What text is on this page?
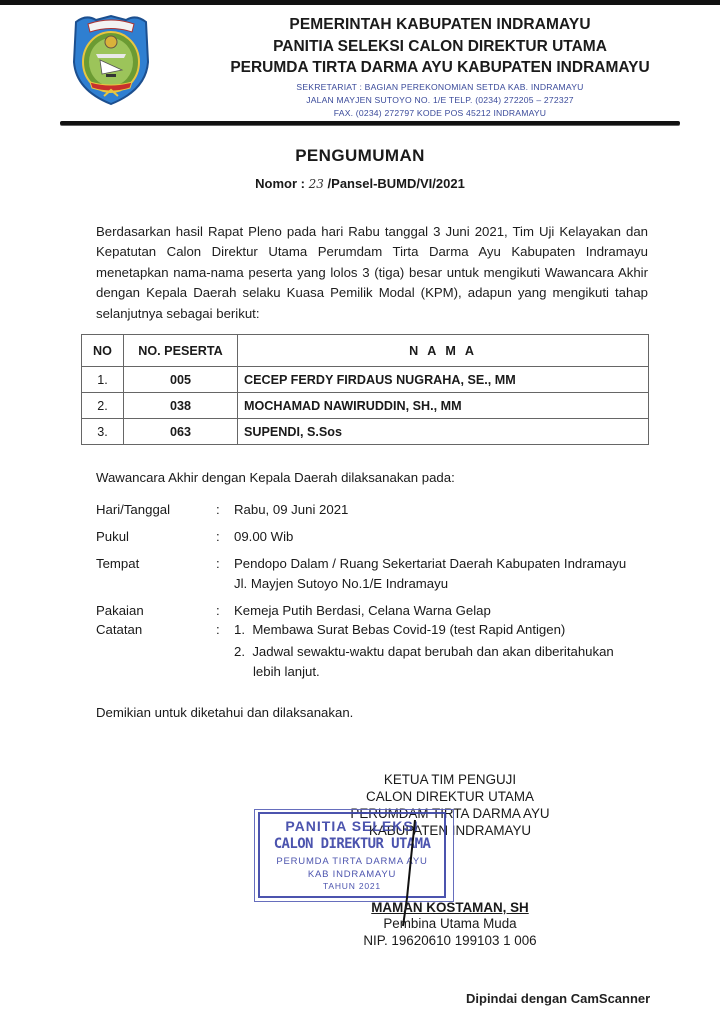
PEMERINTAH KABUPATEN INDRAMAYU
PANITIA SELEKSI CALON DIREKTUR UTAMA
PERUMDA TIRTA DARMA AYU KABUPATEN INDRAMAYU
SEKRETARIAT : BAGIAN PEREKONOMIAN SETDA KAB. INDRAMAYU
JALAN MAYJEN SUTOYO NO. 1/E TELP. (0234) 272205 – 272327
FAX. (0234) 272797 KODE POS 45212 INDRAMAYU
PENGUMUMAN
Nomor : 23 /Pansel-BUMD/VI/2021

Berdasarkan hasil Rapat Pleno pada hari Rabu tanggal 3 Juni 2021, Tim Uji Kelayakan dan Kepatutan Calon Direktur Utama Perumdam Tirta Darma Ayu Kabupaten Indramayu menetapkan nama-nama peserta yang lolos 3 (tiga) besar untuk mengikuti Wawancara Akhir dengan Kepala Daerah selaku Kuasa Pemilik Modal (KPM), adapun yang mengikuti tahap selanjutnya sebagai berikut:

NO	NO. PESERTA	N A M A
1.	005	CECEP FERDY FIRDAUS NUGRAHA, SE., MM
2.	038	MOCHAMAD NAWIRUDDIN, SH., MM
3.	063	SUPENDI, S.Sos
Wawancara Akhir dengan Kepala Daerah dilaksanakan pada:
Hari/Tanggal	: Rabu, 09 Juni 2021
Pukul	: 09.00 Wib
Tempat	: Pendopo Dalam / Ruang Sekertariat Daerah Kabupaten Indramayu
Jl. Mayjen Sutoyo No.1/E Indramayu
Pakaian	: Kemeja Putih Berdasi, Celana Warna Gelap
Catatan	: 1.  Membawa Surat Bebas Covid-19 (test Rapid Antigen)
2.  Jadwal sewaktu-waktu dapat berubah dan akan diberitahukan
lebih lanjut.
Demikian untuk diketahui dan dilaksanakan.
KETUA TIM PENGUJI
CALON DIREKTUR UTAMA
PERUMDAM TIRTA DARMA AYU
KABUPATEN INDRAMAYU
PANITIA SELEKSI
CALON DIREKTUR UTAMA
PERUMDA TIRTA DARMA AYU
KAB INDRAMAYU
TAHUN 2021
MAMAN KOSTAMAN, SH
Pembina Utama Muda
NIP. 19620610 199103 1 006
Dipindai dengan CamScanner
